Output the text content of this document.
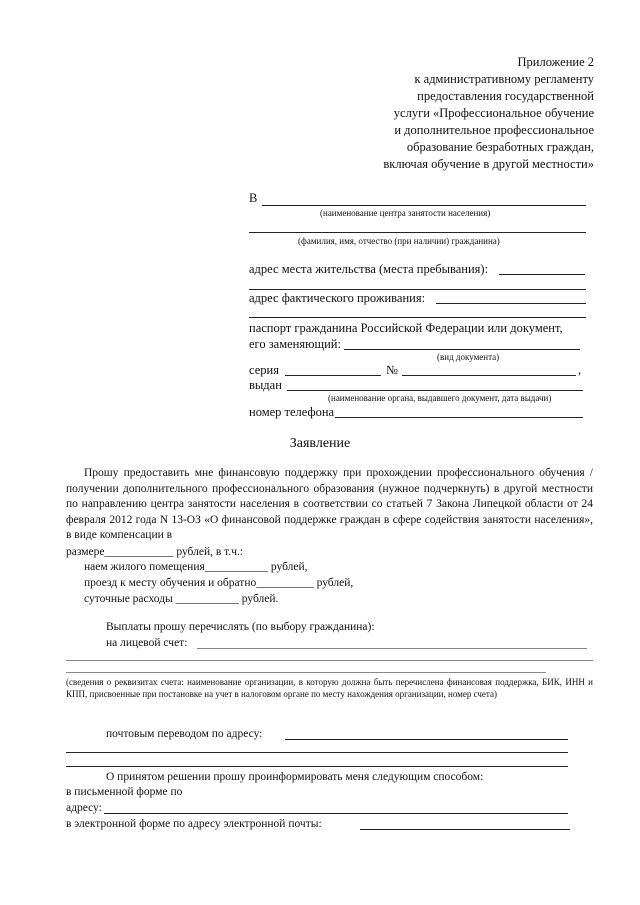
Приложение 2
к административному регламенту
предоставления государственной
услуги «Профессиональное обучение
и дополнительное профессиональное
образование безработных граждан,
включая обучение в другой местности»
В
(наименование центра занятости населения)
(фамилия, имя, отчество (при наличии) гражданина)
адрес места жительства (места пребывания):
адрес фактического проживания:
паспорт гражданина Российской Федерации или документ,
его заменяющий:
(вид документа)
серия	№	,
выдан
(наименование органа, выдавшего документ, дата выдачи)
номер телефона
Заявление
Прошу предоставить мне финансовую поддержку при прохождении профессионального обучения / получении дополнительного профессионального образования (нужное подчеркнуть) в другой местности по направлению центра занятости населения в соответствии со статьей 7 Закона Липецкой области от 24 февраля 2012 года N 13-ОЗ «О финансовой поддержке граждан в сфере содействия занятости населения», в виде компенсации в
размере____________ рублей, в т.ч.:
наем жилого помещения___________ рублей,
проезд к месту обучения и обратно__________ рублей,
суточные расходы ___________ рублей.
Выплаты прошу перечислять (по выбору гражданина):
на лицевой счет:
(сведения о реквизитах счета: наименование организации, в которую должна быть перечислена финансовая поддержка, БИК, ИНН и КПП, присвоенные при постановке на учет в налоговом органе по месту нахождения организации, номер счета)
почтовым переводом по адресу:
О принятом решении прошу проинформировать меня следующим способом:
в письменной форме по
адресу:
в электронной форме по адресу электронной почты:
